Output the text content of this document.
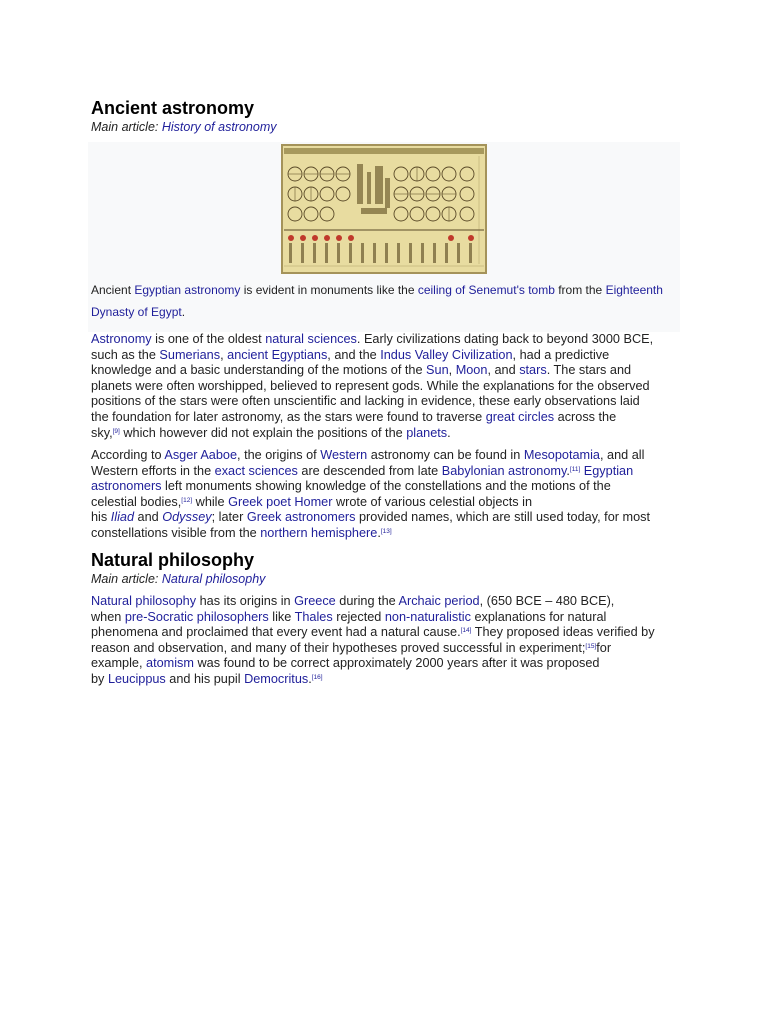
Ancient astronomy
Main article: History of astronomy
Ancient Egyptian astronomy is evident in monuments like the ceiling of Senemut's tomb from the Eighteenth
Dynasty of Egypt.
Astronomy is one of the oldest natural sciences. Early civilizations dating back to beyond 3000 BCE,
such as the Sumerians, ancient Egyptians, and the Indus Valley Civilization, had a predictive
knowledge and a basic understanding of the motions of the Sun, Moon, and stars. The stars and
planets were often worshipped, believed to represent gods. While the explanations for the observed
positions of the stars were often unscientific and lacking in evidence, these early observations laid
the foundation for later astronomy, as the stars were found to traverse great circles across the
sky,[9] which however did not explain the positions of the planets.
According to Asger Aaboe, the origins of Western astronomy can be found in Mesopotamia, and all
Western efforts in the exact sciences are descended from late Babylonian astronomy.[11] Egyptian
astronomers left monuments showing knowledge of the constellations and the motions of the
celestial bodies,[12] while Greek poet Homer wrote of various celestial objects in
his Iliad and Odyssey; later Greek astronomers provided names, which are still used today, for most
constellations visible from the northern hemisphere.[13]
Natural philosophy
Main article: Natural philosophy
Natural philosophy has its origins in Greece during the Archaic period, (650 BCE – 480 BCE),
when pre-Socratic philosophers like Thales rejected non-naturalistic explanations for natural
phenomena and proclaimed that every event had a natural cause.[14] They proposed ideas verified by
reason and observation, and many of their hypotheses proved successful in experiment;[15]for
example, atomism was found to be correct approximately 2000 years after it was proposed
by Leucippus and his pupil Democritus.[16]
